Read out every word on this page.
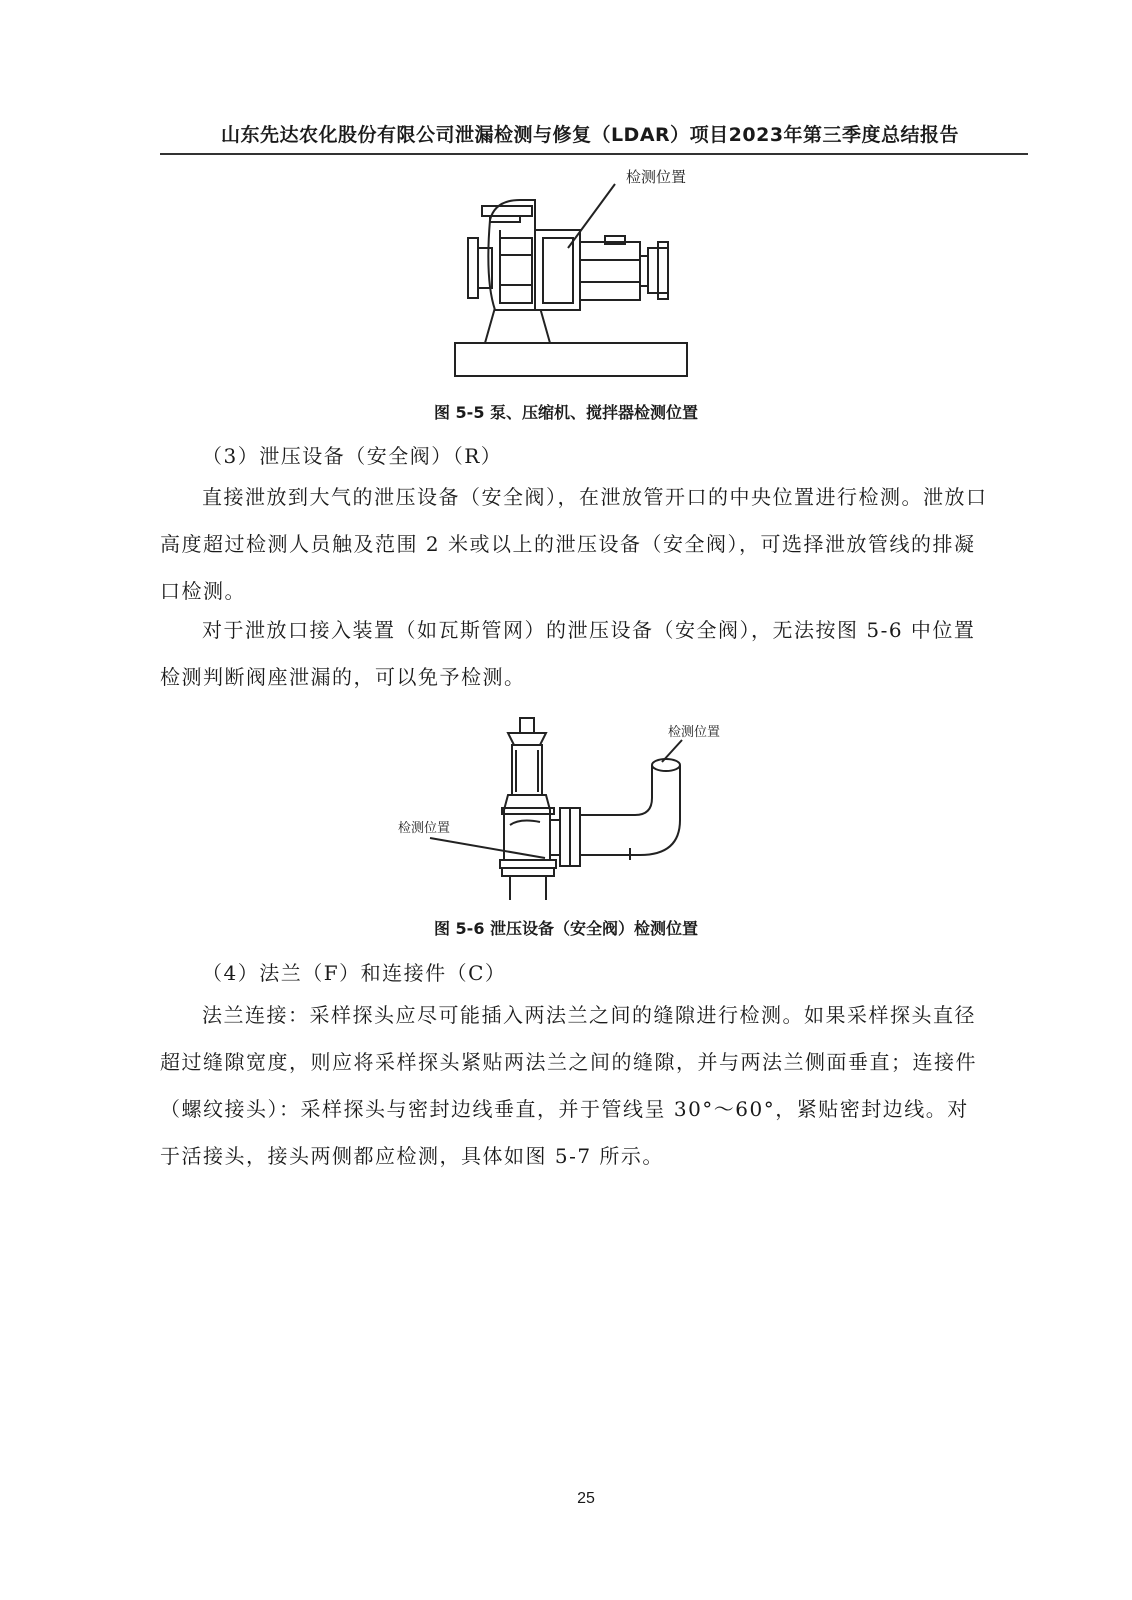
山东先达农化股份有限公司泄漏检测与修复（LDAR）项目2023年第三季度总结报告
检测位置
图 5-5 泵、压缩机、搅拌器检测位置

（3）泄压设备（安全阀）（R）

直接泄放到大气的泄压设备（安全阀），在泄放管开口的中央位置进行检测。泄放口高度超过检测人员触及范围 2 米或以上的泄压设备（安全阀），可选择泄放管线的排凝口检测。

对于泄放口接入装置（如瓦斯管网）的泄压设备（安全阀），无法按图 5-6 中位置检测判断阀座泄漏的，可以免予检测。

检测位置
检测位置
图 5-6 泄压设备（安全阀）检测位置

（4）法兰（F）和连接件（C）

法兰连接：采样探头应尽可能插入两法兰之间的缝隙进行检测。如果采样探头直径超过缝隙宽度，则应将采样探头紧贴两法兰之间的缝隙，并与两法兰侧面垂直；连接件（螺纹接头）：采样探头与密封边线垂直，并于管线呈 30°～60°，紧贴密封边线。对于活接头，接头两侧都应检测，具体如图 5-7 所示。

25
